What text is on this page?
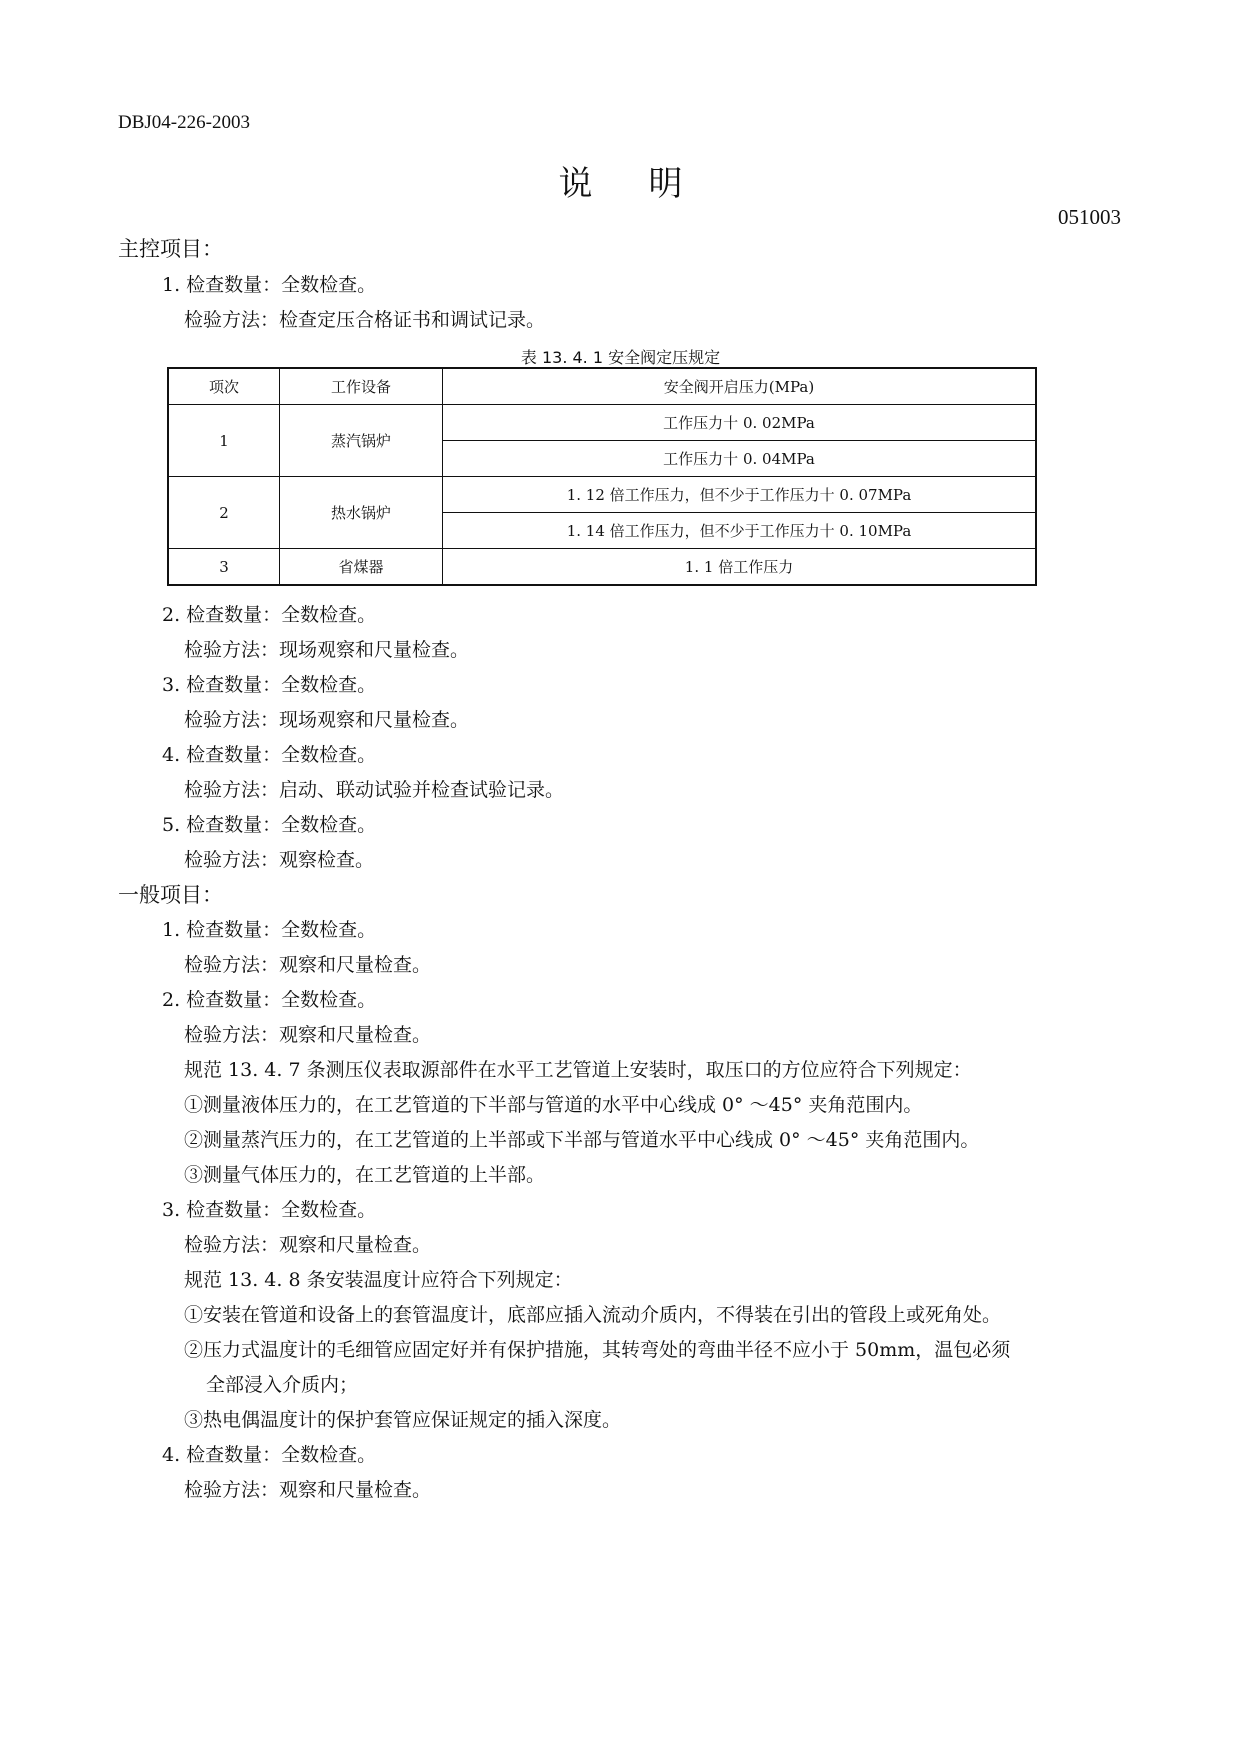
DBJ04-226-2003
说明
051003
主控项目：
1. 检查数量：全数检查。
检验方法：检查定压合格证书和调试记录。
表 13. 4. 1 安全阀定压规定
项次	工作设备	安全阀开启压力(MPa)
1	蒸汽锅炉	工作压力十 0. 02MPa
		工作压力十 0. 04MPa
2	热水锅炉	1. 12 倍工作压力，但不少于工作压力十 0. 07MPa
		1. 14 倍工作压力，但不少于工作压力十 0. 10MPa
3	省煤器	1. 1 倍工作压力
2. 检查数量：全数检查。
检验方法：现场观察和尺量检查。
3. 检查数量：全数检查。
检验方法：现场观察和尺量检查。
4. 检查数量：全数检查。
检验方法：启动、联动试验并检查试验记录。
5. 检查数量：全数检查。
检验方法：观察检查。
一般项目：
1. 检查数量：全数检查。
检验方法：观察和尺量检查。
2. 检查数量：全数检查。
检验方法：观察和尺量检查。
规范 13. 4. 7 条测压仪表取源部件在水平工艺管道上安装时，取压口的方位应符合下列规定：
①测量液体压力的，在工艺管道的下半部与管道的水平中心线成 0° ～45° 夹角范围内。
②测量蒸汽压力的，在工艺管道的上半部或下半部与管道水平中心线成 0° ～45° 夹角范围内。
③测量气体压力的，在工艺管道的上半部。
3. 检查数量：全数检查。
检验方法：观察和尺量检查。
规范 13. 4. 8 条安装温度计应符合下列规定：
①安装在管道和设备上的套管温度计，底部应插入流动介质内，不得装在引出的管段上或死角处。
②压力式温度计的毛细管应固定好并有保护措施，其转弯处的弯曲半径不应小于 50mm，温包必须
全部浸入介质内；
③热电偶温度计的保护套管应保证规定的插入深度。
4. 检查数量：全数检查。
检验方法：观察和尺量检查。
